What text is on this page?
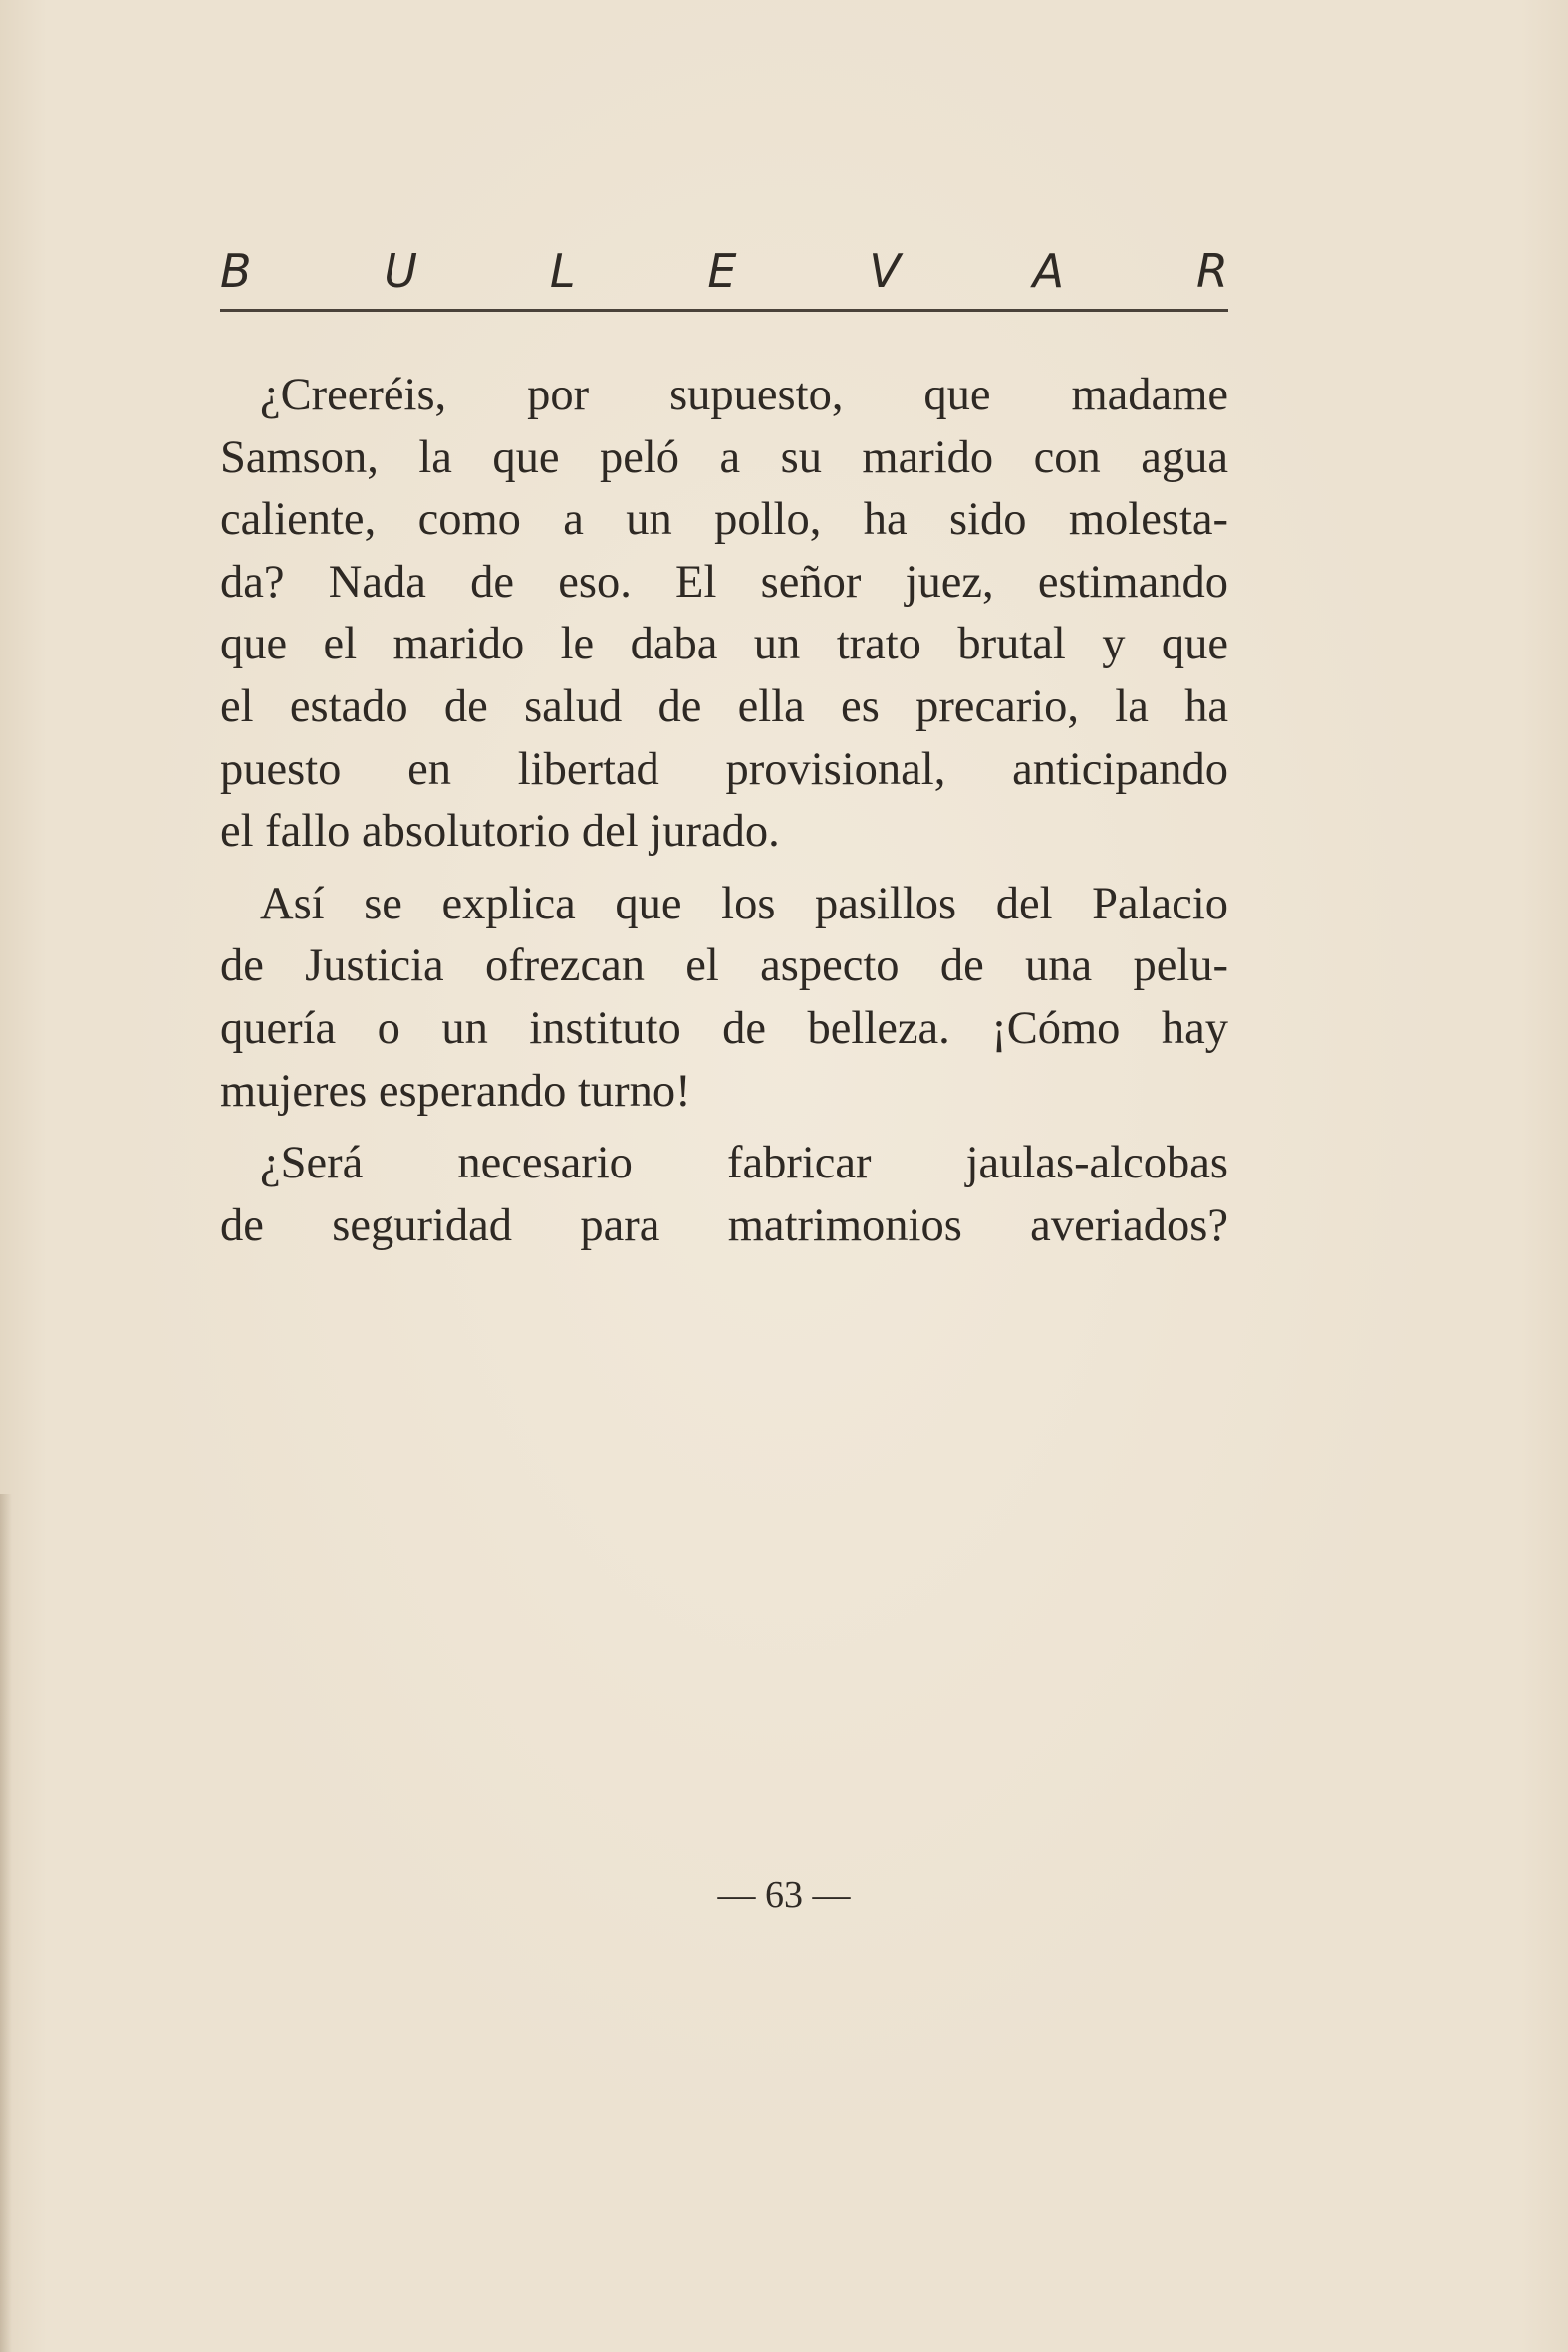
B	U	L	E	V	A	R
¿Creeréis, por supuesto, que madame
Samson, la que peló a su marido con agua
caliente, como a un pollo, ha sido molesta-
da? Nada de eso. El señor juez, estimando
que el marido le daba un trato brutal y que
el estado de salud de ella es precario, la ha
puesto en libertad provisional, anticipando
el fallo absolutorio del jurado.
Así se explica que los pasillos del Palacio
de Justicia ofrezcan el aspecto de una pelu-
quería o un instituto de belleza. ¡Cómo hay
mujeres esperando turno!
¿Será necesario fabricar jaulas-alcobas
de seguridad para matrimonios averiados?
— 63 —
